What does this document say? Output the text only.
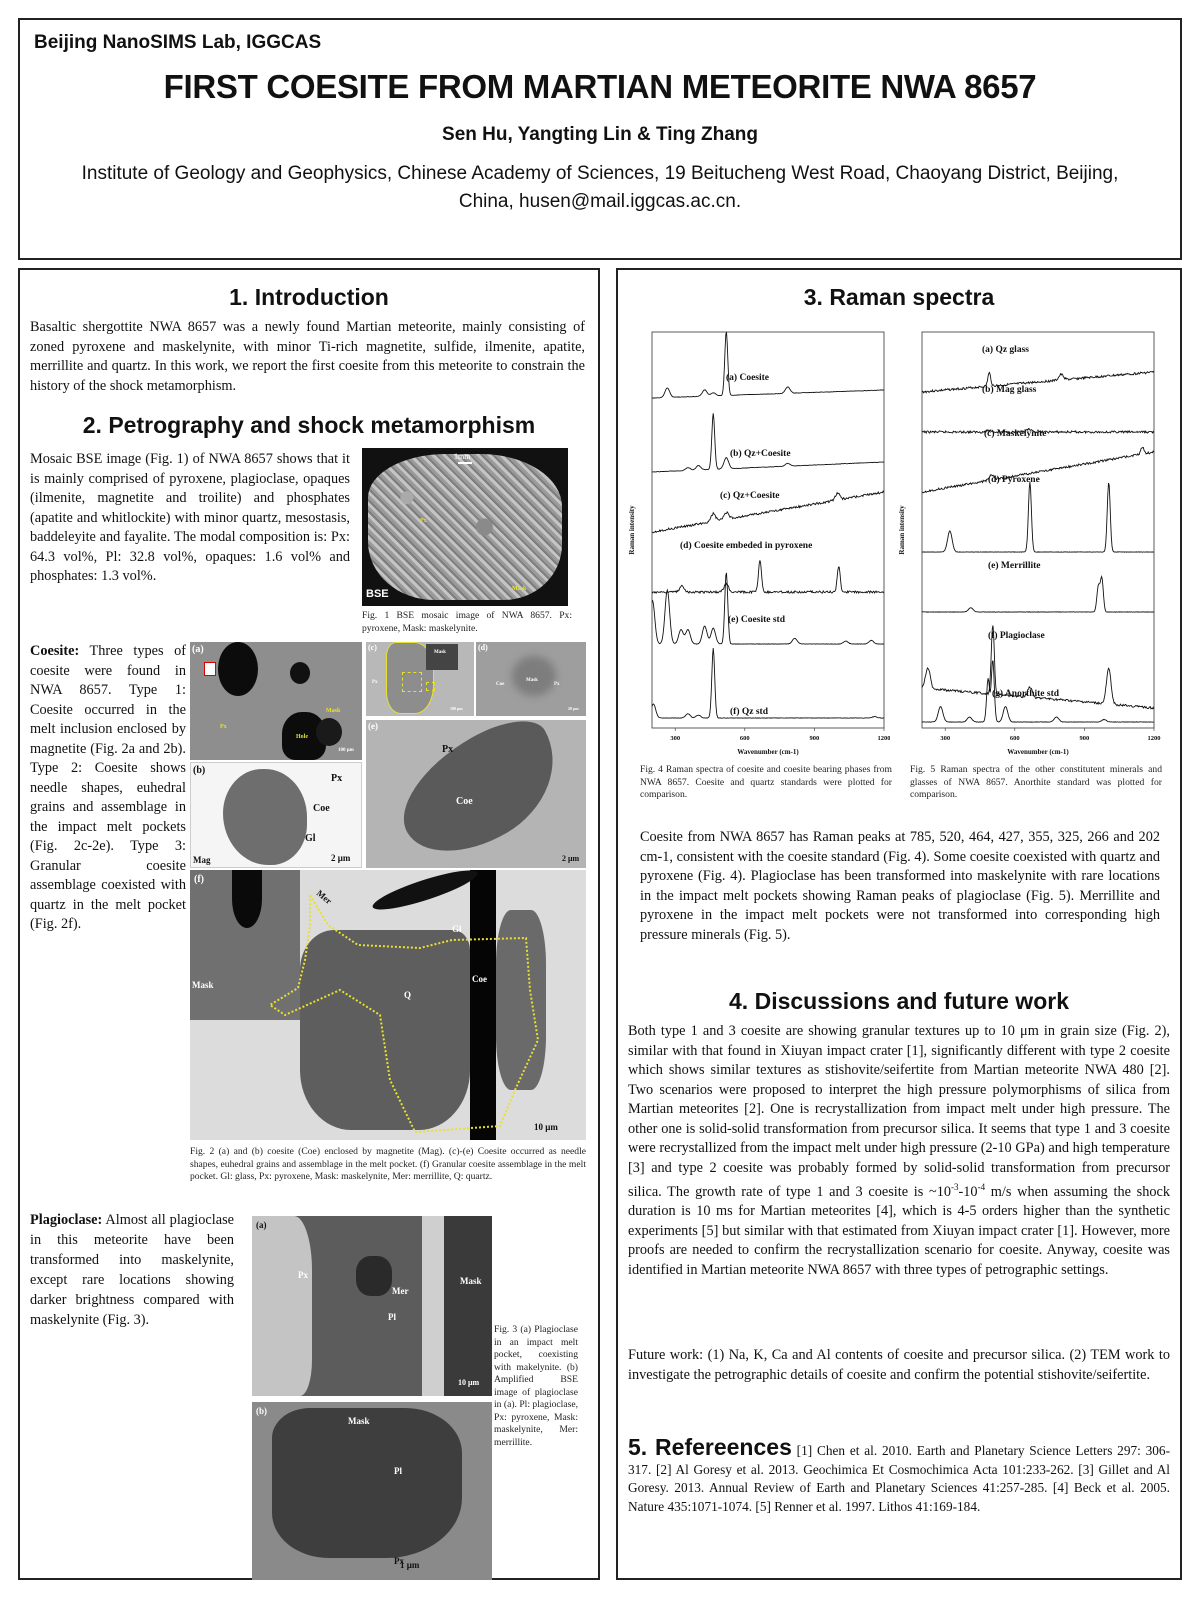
Beijing NanoSIMS Lab, IGGCAS
FIRST COESITE FROM MARTIAN METEORITE NWA 8657
Sen Hu, Yangting Lin & Ting Zhang
Institute of Geology and Geophysics, Chinese Academy of Sciences, 19 Beitucheng West Road, Chaoyang District, Beijing, China, husen@mail.iggcas.ac.cn.
1. Introduction
Basaltic shergottite NWA 8657 was a newly found Martian meteorite, mainly consisting of zoned pyroxene and maskelynite, with minor Ti-rich magnetite, sulfide, ilmenite, apatite, merrillite and quartz. In this work, we report the first coesite from this meteorite to constrain the history of the shock metamorphism.
2. Petrography and shock metamorphism
Mosaic BSE image (Fig. 1) of NWA 8657 shows that it is mainly comprised of pyroxene, plagioclase, opaques (ilmenite, magnetite and troilite) and phosphates (apatite and whitlockite) with minor quartz, mesostasis, baddeleyite and fayalite. The modal composition is: Px: 64.3 vol%, Pl: 32.8 vol%, opaques: 1.6 vol% and phosphates: 1.3 vol%.
1mm
BSE
Px
Mask
Fig. 1 BSE mosaic image of NWA 8657. Px: pyroxene, Mask: maskelynite.
Coesite: Three types of coesite were found in NWA 8657. Type 1: Coesite occurred in the melt inclusion enclosed by magnetite (Fig. 2a and 2b). Type 2: Coesite shows needle shapes, euhedral grains and assemblage in the impact melt pockets (Fig. 2c-2e). Type 3: Granular coesite assemblage coexisted with quartz in the melt pocket (Fig. 2f).
(a)
Px
Hole
Mask
100 μm
(b)
Px
Coe
Gl
Mag	2 μm
(c)
Mask
Px
100 μm
(d)
Coe
Mask
Px
20 μm
(e)
Px
Coe
2 μm
(f)
Mer
Gl
Mask
Q
Coe
10 μm
Fig. 2 (a) and (b) coesite (Coe) enclosed by magnetite (Mag). (c)-(e) Coesite occurred as needle shapes, euhedral grains and assemblage in the melt pocket. (f) Granular coesite assemblage in the melt pocket. Gl: glass, Px: pyroxene, Mask: maskelynite, Mer: merrillite, Q: quartz.
Plagioclase: Almost all plagioclase in this meteorite have been transformed into maskelynite, except rare locations showing darker brightness compared with maskelynite (Fig. 3).
(a)
Px
Mer
Pl
Mask
10 μm
(b)
Mask
Pl
1 μm
Px
Fig. 3 (a) Plagioclase in an impact melt pocket, coexisting with makelynite. (b) Amplified BSE image of plagioclase in (a). Pl: plagioclase, Px: pyroxene, Mask: maskelynite, Mer: merrillite.
3. Raman spectra
300	600	900	1200
Wavenumber (cm-1)
Raman intensity
(a) Coesite
(b) Qz+Coesite
(c) Qz+Coesite
(d) Coesite embeded in pyroxene
(e) Coesite std
(f) Qz std
Fig. 4 Raman spectra of coesite and coesite bearing phases from NWA 8657. Coesite and quartz standards were plotted for comparison.
300	600	900	1200
Wavenumber (cm-1)
Raman intensity
(a) Qz glass
(b) Mag glass
(c) Maskelynite
(d) Pyroxene
(e) Merrillite
(f) Plagioclase
(g) Anorthite std
Fig. 5 Raman spectra of the other constitutent minerals and glasses of NWA 8657. Anorthite standard was plotted for comparison.
Coesite from NWA 8657 has Raman peaks at 785, 520, 464, 427, 355, 325, 266 and 202 cm-1, consistent with the coesite standard (Fig. 4). Some coesite coexisted with quartz and pyroxene (Fig. 4). Plagioclase has been transformed into maskelynite with rare locations in the impact melt pockets showing Raman peaks of plagioclase (Fig. 5). Merrillite and pyroxene in the impact melt pockets were not transformed into corresponding high pressure minerals (Fig. 5).
4. Discussions and future work
Both type 1 and 3 coesite are showing granular textures up to 10 μm in grain size (Fig. 2), similar with that found in Xiuyan impact crater [1], significantly different with type 2 coesite which shows similar textures as stishovite/seifertite from Martian meteorite NWA 480 [2]. Two scenarios were proposed to interpret the high pressure polymorphisms of silica from Martian meteorites [2]. One is recrystallization from impact melt under high pressure. The other one is solid-solid transformation from precursor silica. It seems that type 1 and 3 coesite were recrystallized from the impact melt under high pressure (2-10 GPa) and high temperature [3] and type 2 coesite was probably formed by solid-solid transformation from precursor silica. The growth rate of type 1 and 3 coesite is $\sim 10^{-3}-10^{-4}$ m/s when assuming the shock duration is 10 ms for Martian meteorites [4], which is 4-5 orders higher than the synthetic experiments [5] but similar with that estimated from Xiuyan impact crater [1]. However, more proofs are needed to confirm the recrystallization scenario for coesite. Anyway, coesite was identified in Martian meteorite NWA 8657 with three types of petrographic settings.
Future work: (1) Na, K, Ca and Al contents of coesite and precursor silica. (2) TEM work to investigate the petrographic details of coesite and confirm the potential stishovite/seifertite.
5. Refereences [1] Chen et al. 2010. Earth and Planetary Science Letters 297: 306-317. [2] Al Goresy et al. 2013. Geochimica Et Cosmochimica Acta 101:233-262. [3] Gillet and Al Goresy. 2013. Annual Review of Earth and Planetary Sciences 41:257-285. [4] Beck et al. 2005. Nature 435:1071-1074. [5] Renner et al. 1997. Lithos 41:169-184.
